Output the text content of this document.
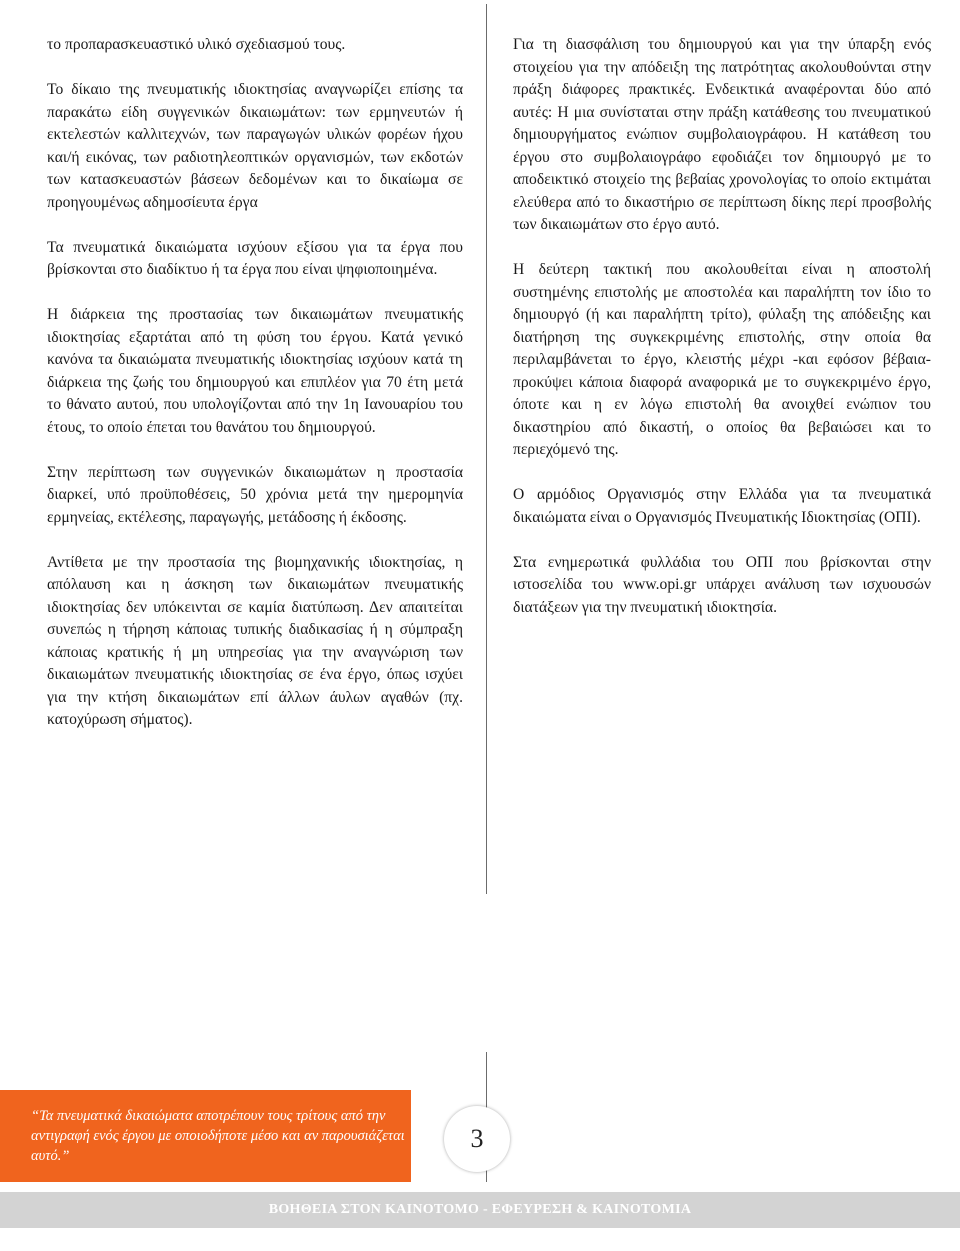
το προπαρασκευαστικό υλικό σχεδιασμού τους.

Το δίκαιο της πνευματικής ιδιοκτησίας αναγνωρίζει επίσης τα παρακάτω είδη συγγενικών δικαιωμάτων: των ερμηνευτών ή εκτελεστών καλλιτεχνών, των παραγωγών υλικών φορέων ήχου και/ή εικόνας, των ραδιοτηλεοπτικών οργανισμών, των εκδοτών των κατασκευαστών βάσεων δεδομένων και το δικαίωμα σε προηγουμένως αδημοσίευτα έργα

Τα πνευματικά δικαιώματα ισχύουν εξίσου για τα έργα που βρίσκονται στο διαδίκτυο ή τα έργα που είναι ψηφιοποιημένα.

Η διάρκεια της προστασίας των δικαιωμάτων πνευματικής ιδιοκτησίας εξαρτάται από τη φύση του έργου. Κατά γενικό κανόνα τα δικαιώματα πνευματικής ιδιοκτησίας ισχύουν κατά τη διάρκεια της ζωής του δημιουργού και επιπλέον για 70 έτη μετά το θάνατο αυτού, που υπολογίζονται από την 1η Ιανουαρίου του έτους, το οποίο έπεται του θανάτου του δημιουργού.

Στην περίπτωση των συγγενικών δικαιωμάτων η προστασία διαρκεί, υπό προϋποθέσεις, 50 χρόνια μετά την ημερομηνία ερμηνείας, εκτέλεσης, παραγωγής, μετάδοσης ή έκδοσης.

Αντίθετα με την προστασία της βιομηχανικής ιδιοκτησίας, η απόλαυση και η άσκηση των δικαιωμάτων πνευματικής ιδιοκτησίας δεν υπόκεινται σε καμία διατύπωση. Δεν απαιτείται συνεπώς η τήρηση κάποιας τυπικής διαδικασίας ή η σύμπραξη κάποιας κρατικής ή μη υπηρεσίας για την αναγνώριση των δικαιωμάτων πνευματικής ιδιοκτησίας σε ένα έργο, όπως ισχύει για την κτήση δικαιωμάτων επί άλλων άυλων αγαθών (πχ. κατοχύρωση σήματος).

Για τη διασφάλιση του δημιουργού και για την ύπαρξη ενός στοιχείου για την απόδειξη της πατρότητας ακολουθούνται στην πράξη διάφορες πρακτικές. Ενδεικτικά αναφέρονται δύο από αυτές: Η μια συνίσταται στην πράξη κατάθεσης του πνευματικού δημιουργήματος ενώπιον συμβολαιογράφου. Η κατάθεση του έργου στο συμβολαιογράφο εφοδιάζει τον δημιουργό με το αποδεικτικό στοιχείο της βεβαίας χρονολογίας το οποίο εκτιμάται ελεύθερα από το δικαστήριο σε περίπτωση δίκης περί προσβολής των δικαιωμάτων στο έργο αυτό.

Η δεύτερη τακτική που ακολουθείται είναι η αποστολή συστημένης επιστολής με αποστολέα και παραλήπτη τον ίδιο το δημιουργό (ή και παραλήπτη τρίτο), φύλαξη της απόδειξης και διατήρηση της συγκεκριμένης επιστολής, στην οποία θα περιλαμβάνεται το έργο, κλειστής μέχρι -και εφόσον βέβαια- προκύψει κάποια διαφορά αναφορικά με το συγκεκριμένο έργο, όποτε και η εν λόγω επιστολή θα ανοιχθεί ενώπιον του δικαστηρίου από δικαστή, ο οποίος θα βεβαιώσει και το περιεχόμενό της.

Ο αρμόδιος Οργανισμός στην Ελλάδα για τα πνευματικά δικαιώματα είναι ο Οργανισμός Πνευματικής Ιδιοκτησίας (ΟΠΙ).

Στα ενημερωτικά φυλλάδια του ΟΠΙ που βρίσκονται στην ιστοσελίδα του www.opi.gr υπάρχει ανάλυση των ισχυουσών διατάξεων για την πνευματική ιδιοκτησία.

“Τα πνευματικά δικαιώματα αποτρέπουν τους τρίτους από την αντιγραφή ενός έργου με οποιοδήποτε μέσο και αν παρουσιάζεται αυτό.”
3
ΒΟΗΘΕΙΑ ΣΤΟΝ ΚΑΙΝΟΤΟΜΟ - ΕΦΕΥΡΕΣΗ & ΚΑΙΝΟΤΟΜΙΑ
